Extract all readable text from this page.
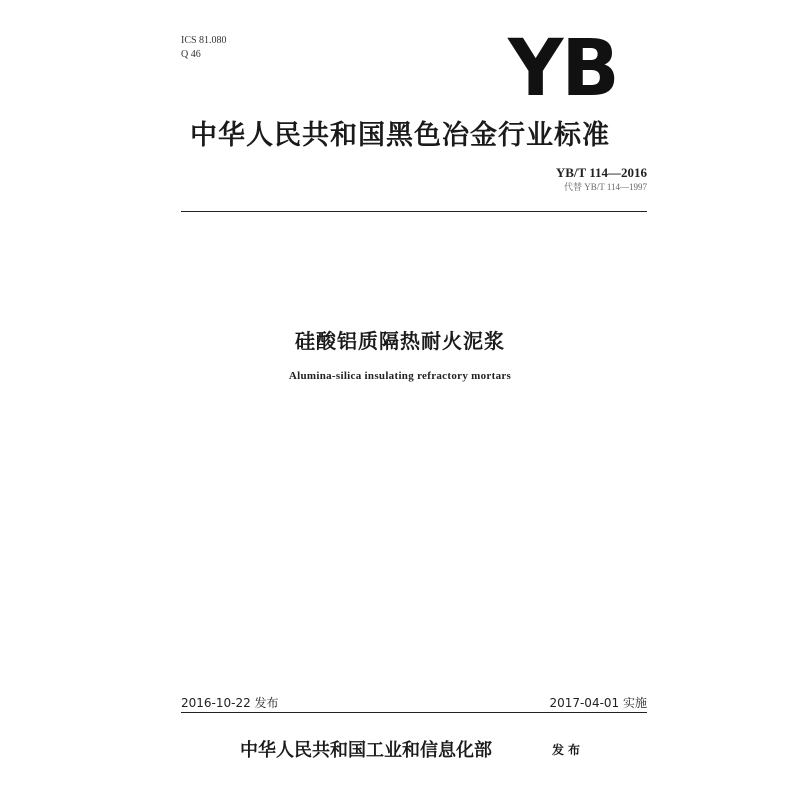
ICS 81.080
Q 46	YB
中华人民共和国黑色冶金行业标准
YB/T 114—2016
代替 YB/T 114—1997
硅酸铝质隔热耐火泥浆
Alumina-silica insulating refractory mortars
2016-10-22 发布	2017-04-01 实施
中华人民共和国工业和信息化部	发布
